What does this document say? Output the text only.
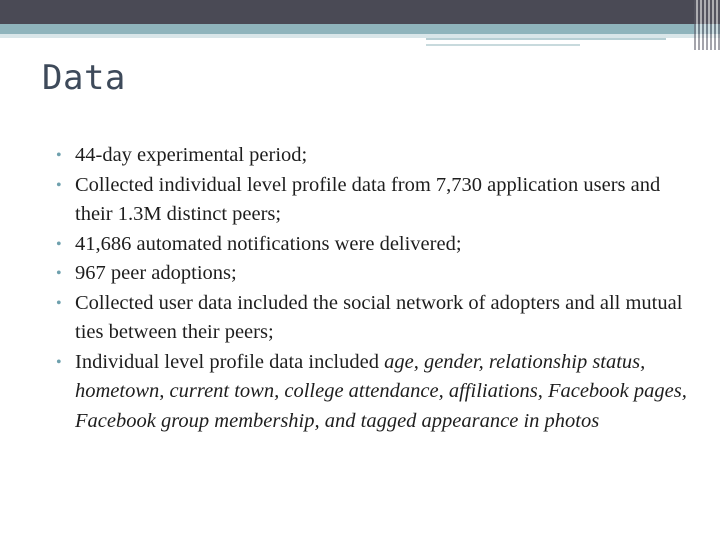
Data
• 44-day experimental period;
• Collected individual level profile data from 7,730 application users and their 1.3M distinct peers;
• 41,686 automated notifications were delivered;
• 967 peer adoptions;
• Collected user data included the social network of adopters and all mutual ties between their peers;
• Individual level profile data included age, gender, relationship status, hometown, current town, college attendance, affiliations, Facebook pages, Facebook group membership, and tagged appearance in photos
